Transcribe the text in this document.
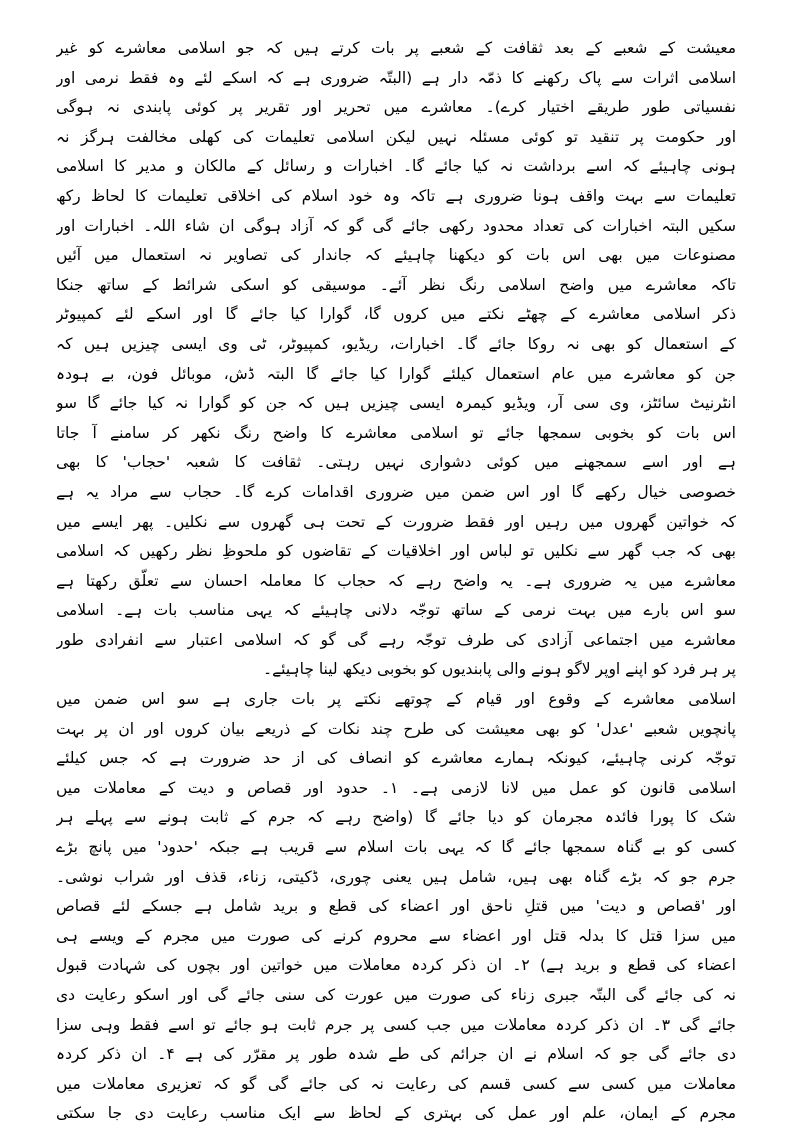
معیشت کے شعبے کے بعد ثقافت کے شعبے پر بات کرتے ہیں کہ جو اسلامی معاشرے کو غیر
اسلامی اثرات سے پاک رکھنے کا ذمّہ دار ہے (البتّہ ضروری ہے کہ اسکے لئے وہ فقط نرمی اور
نفسیاتی طور طریقے اختیار کرے)۔ معاشرے میں تحریر اور تقریر پر کوئی پابندی نہ ہوگی
اور حکومت پر تنقید تو کوئی مسئلہ نہیں لیکن اسلامی تعلیمات کی کھلی مخالفت ہرگز نہ
ہونی چاہیئے کہ اسے برداشت نہ کیا جائے گا۔ اخبارات و رسائل کے مالکان و مدیر کا اسلامی
تعلیمات سے بہت واقف ہونا ضروری ہے تاکہ وہ خود اسلام کی اخلاقی تعلیمات کا لحاظ رکھ
سکیں البتہ اخبارات کی تعداد محدود رکھی جائے گی گو کہ آزاد ہوگی ان شاء اللہ۔ اخبارات اور
مصنوعات میں بھی اس بات کو دیکھنا چاہیئے کہ جاندار کی تصاویر نہ استعمال میں آئیں
تاکہ معاشرے میں واضح اسلامی رنگ نظر آئے۔ موسیقی کو اسکی شرائط کے ساتھ جنکا
ذکر اسلامی معاشرے کے چھٹے نکتے میں کروں گا، گوارا کیا جائے گا اور اسکے لئے کمپیوٹر
کے استعمال کو بھی نہ روکا جائے گا۔ اخبارات، ریڈیو، کمپیوٹر، ٹی وی ایسی چیزیں ہیں کہ
جن کو معاشرے میں عام استعمال کیلئے گوارا کیا جائے گا البتہ ڈش، موبائل فون، بے ہودہ
انٹرنیٹ سائٹز، وی سی آر، ویڈیو کیمرہ ایسی چیزیں ہیں کہ جن کو گوارا نہ کیا جائے گا سو
اس بات کو بخوبی سمجھا جائے تو اسلامی معاشرے کا واضح رنگ نکھر کر سامنے آ جاتا
ہے اور اسے سمجھنے میں کوئی دشواری نہیں رہتی۔ ثقافت کا شعبہ 'حجاب' کا بھی
خصوصی خیال رکھے گا اور اس ضمن میں ضروری اقدامات کرے گا۔ حجاب سے مراد یہ ہے
کہ خواتین گھروں میں رہیں اور فقط ضرورت کے تحت ہی گھروں سے نکلیں۔ پھر ایسے میں
بھی کہ جب گھر سے نکلیں تو لباس اور اخلاقیات کے تقاضوں کو ملحوظِ نظر رکھیں کہ اسلامی
معاشرے میں یہ ضروری ہے۔ یہ واضح رہے کہ حجاب کا معاملہ احسان سے تعلّق رکھتا ہے
سو اس بارے میں بہت نرمی کے ساتھ توجّہ دلانی چاہیئے کہ یہی مناسب بات ہے۔ اسلامی
معاشرے میں اجتماعی آزادی کی طرف توجّہ رہے گی گو کہ اسلامی اعتبار سے انفرادی طور
پر ہر فرد کو اپنے اوپر لاگو ہونے والی پابندیوں کو بخوبی دیکھ لینا چاہیئے۔
اسلامی معاشرے کے وقوع اور قیام کے چوتھے نکتے پر بات جاری ہے سو اس ضمن میں
پانچویں شعبے 'عدل' کو بھی معیشت کی طرح چند نکات کے ذریعے بیان کروں اور ان پر بہت
توجّہ کرنی چاہیئے، کیونکہ ہمارے معاشرے کو انصاف کی از حد ضرورت ہے کہ جس کیلئے
اسلامی قانون کو عمل میں لانا لازمی ہے۔ ١۔ حدود اور قصاص و دیت کے معاملات میں
شک کا پورا فائدہ مجرمان کو دیا جائے گا (واضح رہے کہ جرم کے ثابت ہونے سے پہلے ہر
کسی کو بے گناہ سمجھا جائے گا کہ یہی بات اسلام سے قریب ہے جبکہ 'حدود' میں پانچ بڑے
جرم جو کہ بڑے گناہ بھی ہیں، شامل ہیں یعنی چوری، ڈکیتی، زناء، قذف اور شراب نوشی۔
اور 'قصاص و دیت' میں قتلِ ناحق اور اعضاء کی قطع و برید شامل ہے جسکے لئے قصاص
میں سزا قتل کا بدلہ قتل اور اعضاء سے محروم کرنے کی صورت میں مجرم کے ویسے ہی
اعضاء کی قطع و برید ہے) ٢۔ ان ذکر کردہ معاملات میں خواتین اور بچوں کی شہادت قبول
نہ کی جائے گی البتّہ جبری زناء کی صورت میں عورت کی سنی جائے گی اور اسکو رعایت دی
جائے گی ٣۔ ان ذکر کردہ معاملات میں جب کسی پر جرم ثابت ہو جائے تو اسے فقط وہی سزا
دی جائے گی جو کہ اسلام نے ان جرائم کی طے شدہ طور پر مقرّر کی ہے ۴۔ ان ذکر کردہ
معاملات میں کسی سے کسی قسم کی رعایت نہ کی جائے گی گو کہ تعزیری معاملات میں
مجرم کے ایمان، علم اور عمل کی بہتری کے لحاظ سے ایک مناسب رعایت دی جا سکتی
